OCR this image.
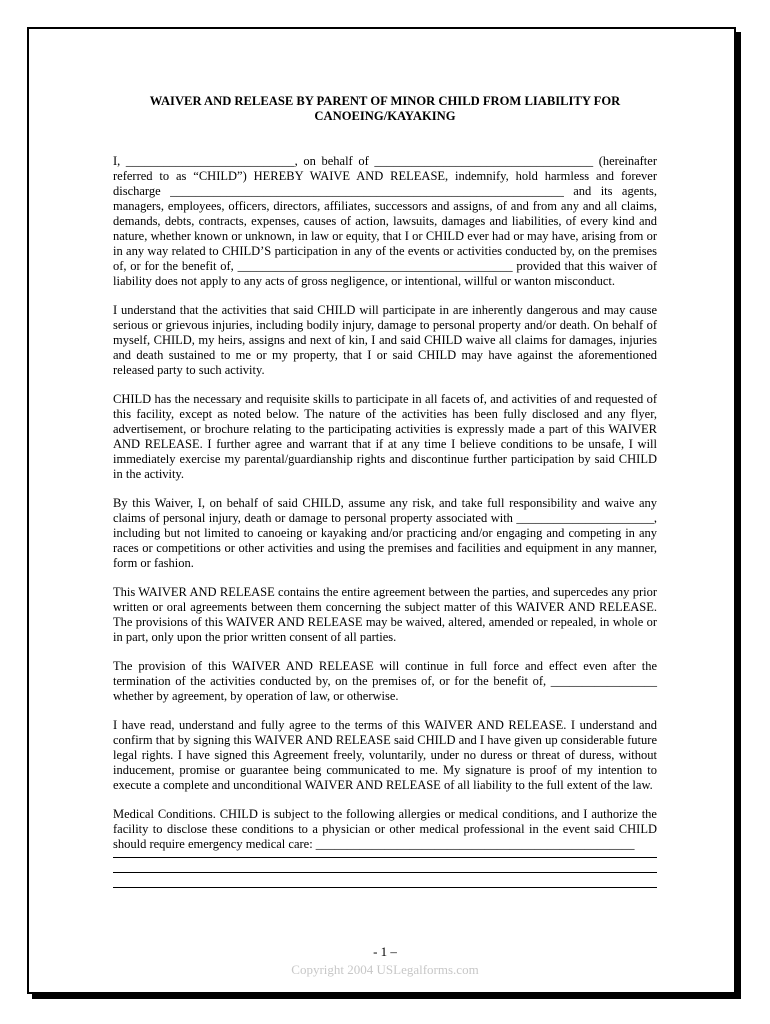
WAIVER AND RELEASE BY PARENT OF MINOR CHILD FROM LIABILITY FOR
CANOEING/KAYAKING

I, ___________________________, on behalf of ___________________________________ (hereinafter referred to as “CHILD”) HEREBY WAIVE AND RELEASE, indemnify, hold harmless and forever discharge _______________________________________________________________ and its agents, managers, employees, officers, directors, affiliates, successors and assigns, of and from any and all claims, demands, debts, contracts, expenses, causes of action, lawsuits, damages and liabilities, of every kind and nature, whether known or unknown, in law or equity, that I or CHILD ever had or may have, arising from or in any way related to CHILD’S participation in any of the events or activities conducted by, on the premises of, or for the benefit of, ____________________________________________ provided that this waiver of liability does not apply to any acts of gross negligence, or intentional, willful or wanton misconduct.

I understand that the activities that said CHILD will participate in are inherently dangerous and may cause serious or grievous injuries, including bodily injury, damage to personal property and/or death. On behalf of myself, CHILD, my heirs, assigns and next of kin, I and said CHILD waive all claims for damages, injuries and death sustained to me or my property, that I or said CHILD may have against the aforementioned released party to such activity.

CHILD has the necessary and requisite skills to participate in all facets of, and activities of and requested of this facility, except as noted below. The nature of the activities has been fully disclosed and any flyer, advertisement, or brochure relating to the participating activities is expressly made a part of this WAIVER AND RELEASE. I further agree and warrant that if at any time I believe conditions to be unsafe, I will immediately exercise my parental/guardianship rights and discontinue further participation by said CHILD in the activity.

By this Waiver, I, on behalf of said CHILD, assume any risk, and take full responsibility and waive any claims of personal injury, death or damage to personal property associated with ______________________, including but not limited to canoeing or kayaking and/or practicing and/or engaging and competing in any races or competitions or other activities and using the premises and facilities and equipment in any manner, form or fashion.

This WAIVER AND RELEASE contains the entire agreement between the parties, and supercedes any prior written or oral agreements between them concerning the subject matter of this WAIVER AND RELEASE. The provisions of this WAIVER AND RELEASE may be waived, altered, amended or repealed, in whole or in part, only upon the prior written consent of all parties.

The provision of this WAIVER AND RELEASE will continue in full force and effect even after the termination of the activities conducted by, on the premises of, or for the benefit of, _________________ whether by agreement, by operation of law, or otherwise.

I have read, understand and fully agree to the terms of this WAIVER AND RELEASE. I understand and confirm that by signing this WAIVER AND RELEASE said CHILD and I have given up considerable future legal rights. I have signed this Agreement freely, voluntarily, under no duress or threat of duress, without inducement, promise or guarantee being communicated to me. My signature is proof of my intention to execute a complete and unconditional WAIVER AND RELEASE of all liability to the full extent of the law.

Medical Conditions. CHILD is subject to the following allergies or medical conditions, and I authorize the facility to disclose these conditions to a physician or other medical professional in the event said CHILD should require emergency medical care: ___________________________________________________

- 1 –
Copyright 2004 USLegalforms.com
